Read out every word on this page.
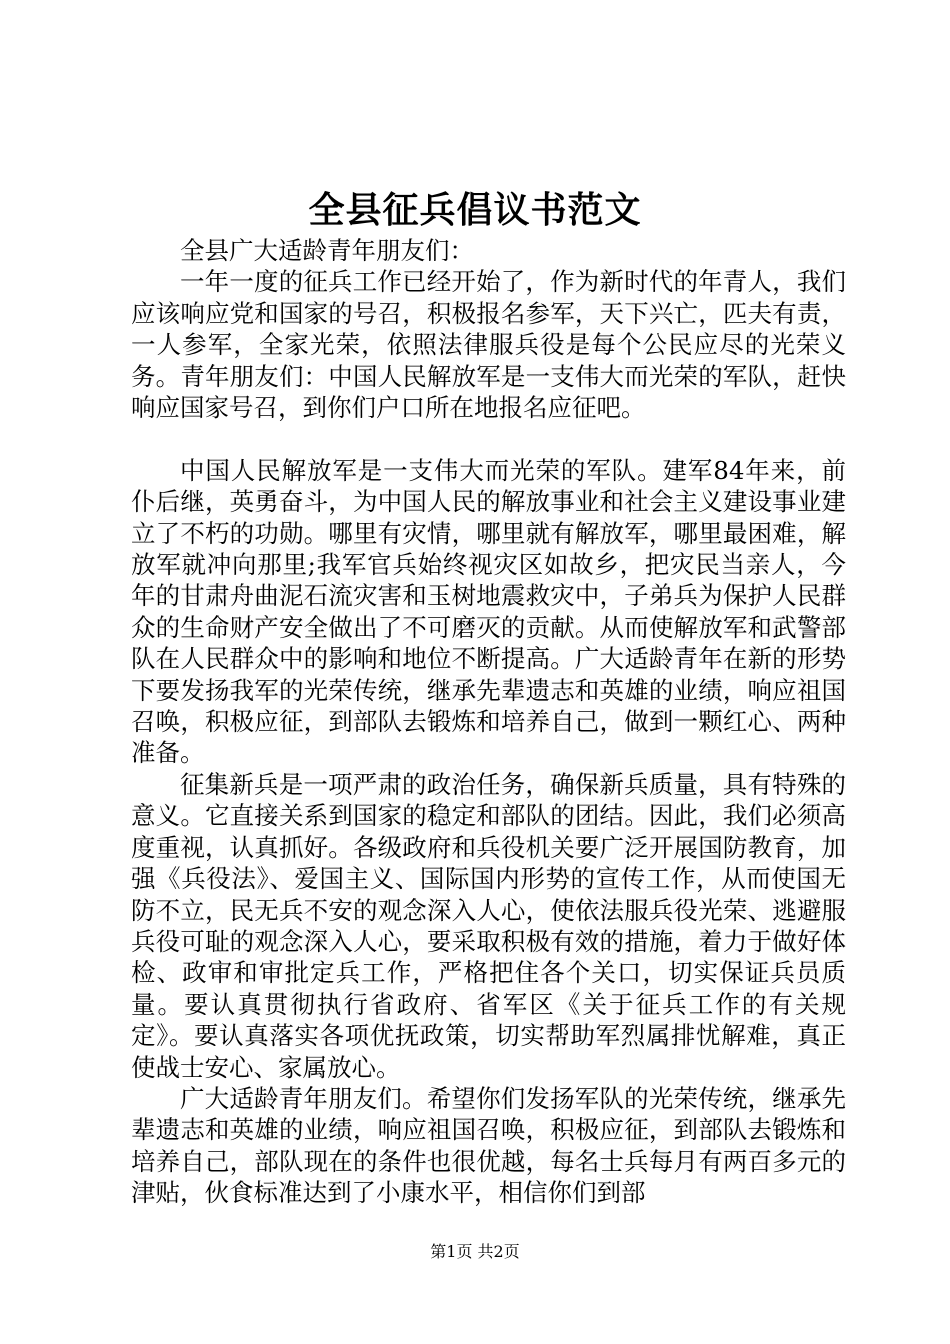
全县征兵倡议书范文

全县广大适龄青年朋友们：

一年一度的征兵工作已经开始了，作为新时代的年青人，我们应该响应党和国家的号召，积极报名参军，天下兴亡，匹夫有责，一人参军，全家光荣，依照法律服兵役是每个公民应尽的光荣义务。青年朋友们：中国人民解放军是一支伟大而光荣的军队，赶快响应国家号召，到你们户口所在地报名应征吧。

中国人民解放军是一支伟大而光荣的军队。建军84年来，前仆后继，英勇奋斗，为中国人民的解放事业和社会主义建设事业建立了不朽的功勋。哪里有灾情，哪里就有解放军，哪里最困难，解放军就冲向那里;我军官兵始终视灾区如故乡，把灾民当亲人，今年的甘肃舟曲泥石流灾害和玉树地震救灾中，子弟兵为保护人民群众的生命财产安全做出了不可磨灭的贡献。从而使解放军和武警部队在人民群众中的影响和地位不断提高。广大适龄青年在新的形势下要发扬我军的光荣传统，继承先辈遗志和英雄的业绩，响应祖国召唤，积极应征，到部队去锻炼和培养自己，做到一颗红心、两种准备。

征集新兵是一项严肃的政治任务，确保新兵质量，具有特殊的意义。它直接关系到国家的稳定和部队的团结。因此，我们必须高度重视，认真抓好。各级政府和兵役机关要广泛开展国防教育，加强《兵役法》、爱国主义、国际国内形势的宣传工作，从而使国无防不立，民无兵不安的观念深入人心，使依法服兵役光荣、逃避服兵役可耻的观念深入人心，要采取积极有效的措施，着力于做好体检、政审和审批定兵工作，严格把住各个关口，切实保证兵员质量。要认真贯彻执行省政府、省军区《关于征兵工作的有关规定》。要认真落实各项优抚政策，切实帮助军烈属排忧解难，真正使战士安心、家属放心。

广大适龄青年朋友们。希望你们发扬军队的光荣传统，继承先辈遗志和英雄的业绩，响应祖国召唤，积极应征，到部队去锻炼和培养自己，部队现在的条件也很优越，每名士兵每月有两百多元的津贴，伙食标准达到了小康水平，相信你们到部

第1页 共2页
